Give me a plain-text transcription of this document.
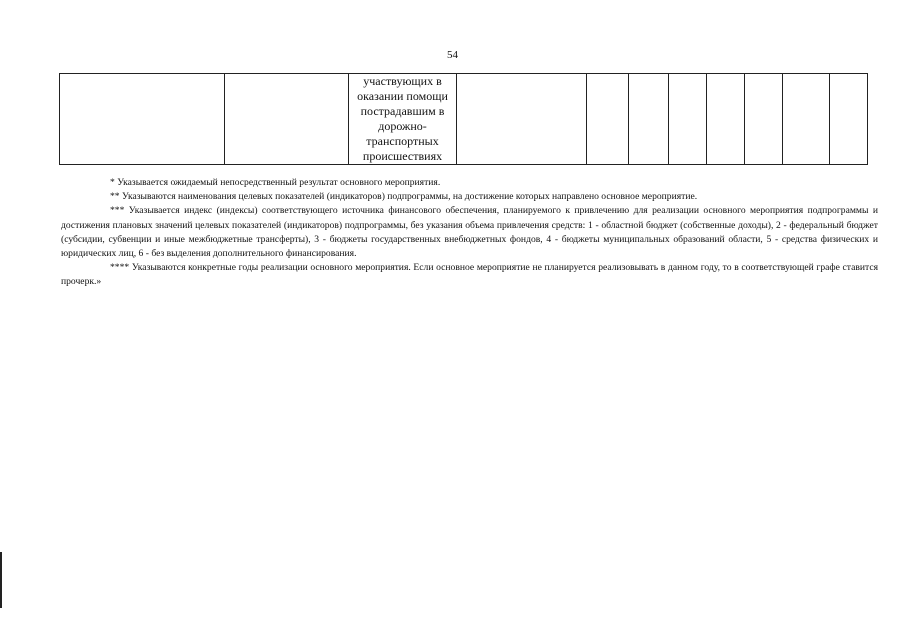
54

участвующих в
оказании помощи
пострадавшим в
дорожно-
транспортных
происшествиях

* Указывается ожидаемый непосредственный результат основного мероприятия.

** Указываются наименования целевых показателей (индикаторов) подпрограммы, на достижение которых направлено основное мероприятие.

*** Указывается индекс (индексы) соответствующего источника финансового обеспечения, планируемого к привлечению для реализации основного мероприятия подпрограммы и достижения плановых значений целевых показателей (индикаторов) подпрограммы, без указания объема привлечения средств: 1 - областной бюджет (собственные доходы), 2 - федеральный бюджет (субсидии, субвенции и иные межбюджетные трансферты), 3 - бюджеты государственных внебюджетных фондов, 4 - бюджеты муниципальных образований области, 5 - средства физических и юридических лиц, 6 - без выделения дополнительного финансирования.

**** Указываются конкретные годы реализации основного мероприятия. Если основное мероприятие не планируется реализовывать в данном году, то в соответствующей графе ставится прочерк.»
